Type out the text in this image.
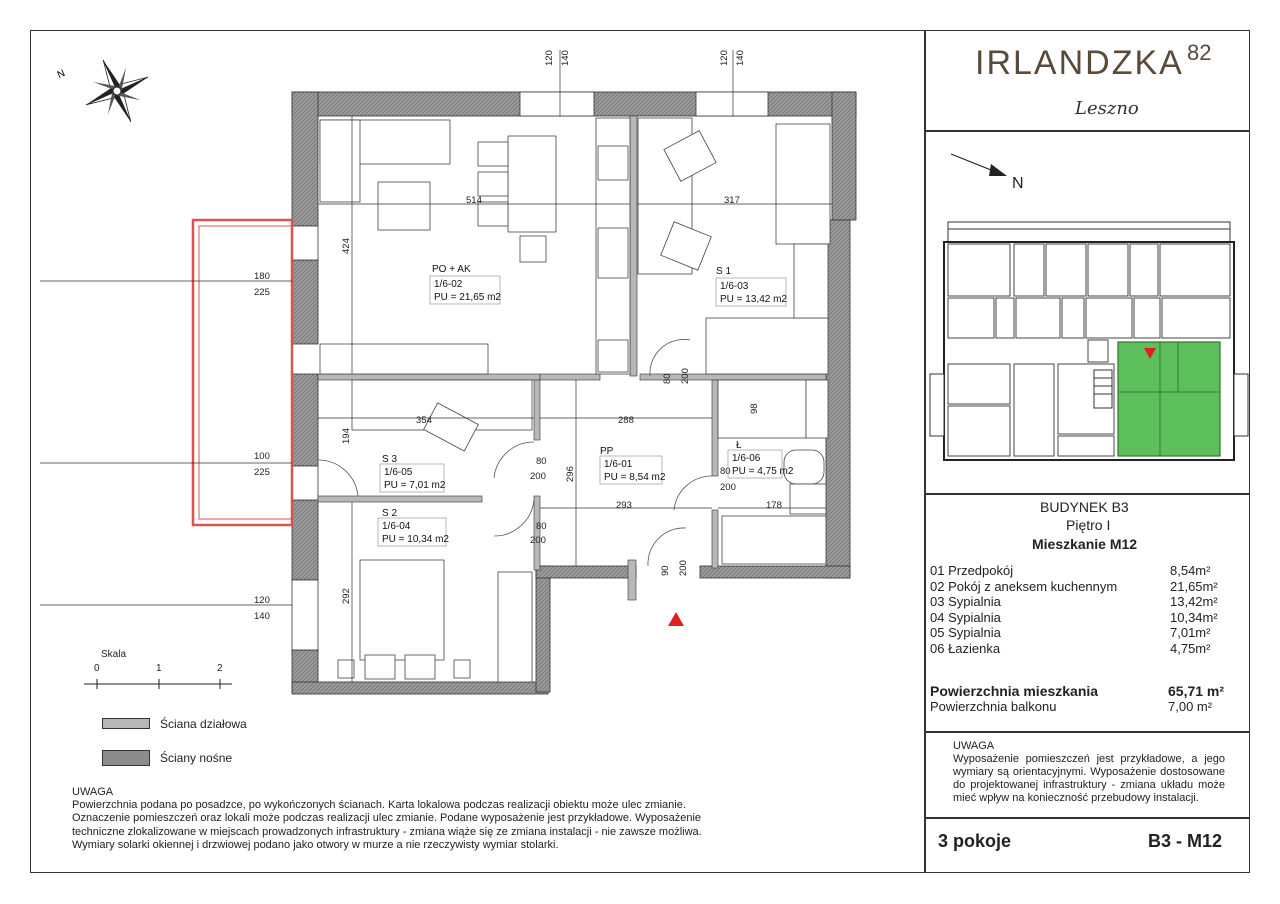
IRLANDZKA 82
Leszno
BUDYNEK B3
Piętro I
Mieszkanie M12
01 Przedpokój	8,54m²
02 Pokój z aneksem kuchennym	21,65m²
03 Sypialnia	13,42m²
04 Sypialnia	10,34m²
05 Sypialnia	7,01m²
06 Łazienka	4,75m²
Powierzchnia mieszkania	65,71 m²
Powierzchnia balkonu	7,00 m²

UWAGA

Wyposażenie pomieszczeń jest przykładowe, a jego wymiary są orientacyjnymi. Wyposażenie dostosowane do projektowanej infrastruktury - zmiana układu może mieć wpływ na konieczność przebudowy instalacji.

3 pokoje	B3 - M12

UWAGA

Powierzchnia podana po posadzce, po wykończonych ścianach. Karta lokalowa podczas realizacji obiektu może ulec zmianie.

Oznaczenie pomieszczeń oraz lokali może podczas realizacji ulec zmianie. Podane wyposażenie jest przykładowe. Wyposażenie

techniczne zlokalizowane w miejscach prowadzonych infrastruktury - zmiana wiąże się ze zmiana instalacji - nie zawsze możliwa.

Wymiary solarki okiennej i drzwiowej podano jako otwory w murze a nie rzeczywisty wymiar stolarki.

Ściana działowa
Ściany nośne
Skala
0	1	2
N
N
120 140	120 140
180
225
100
225
120
140
514	317
424
354
194
288
296
293
292
178
98
80
200
80
200
80
200
80 200
90 200
PO + AK
1/6-02
PU = 21,65 m2
S 1
1/6-03
PU = 13,42 m2
S 3
1/6-05
PU = 7,01 m2
PP
1/6-01
PU = 8,54 m2
Ł
1/6-06
PU = 4,75 m2
S 2
1/6-04
PU = 10,34 m2
